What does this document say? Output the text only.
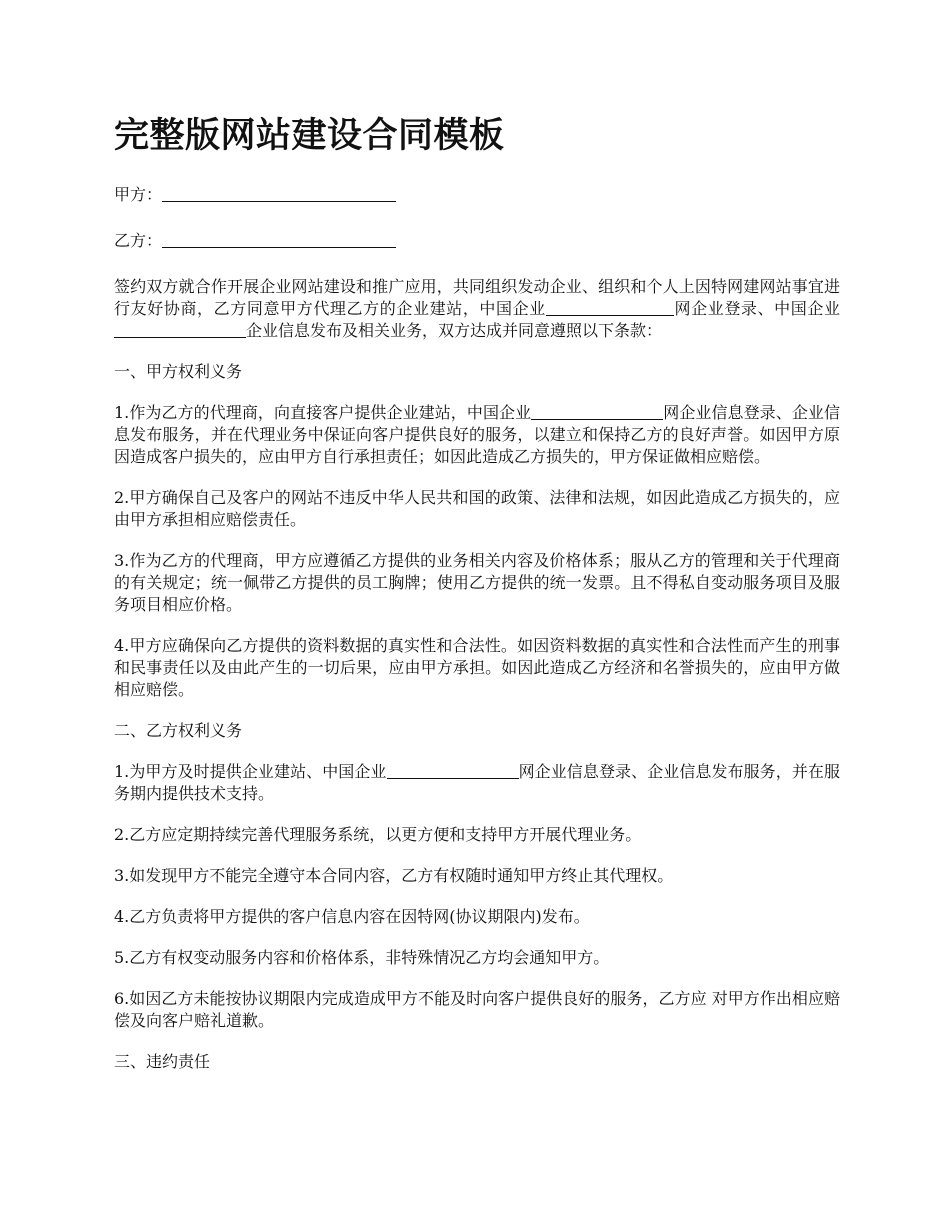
完整版网站建设合同模板

甲方：

乙方：

签约双方就合作开展企业网站建设和推广应用，共同组织发动企业、组织和个人上因特网建网站事宜进行友好协商，乙方同意甲方代理乙方的企业建站，中国企业	网企业登录、中国企业企业信息发布及相关业务，双方达成并同意遵照以下条款：

一、甲方权利义务

1.作为乙方的代理商，向直接客户提供企业建站，中国企业	网企业信息登录、企业信息发布服务，并在代理业务中保证向客户提供良好的服务，以建立和保持乙方的良好声誉。如因甲方原因造成客户损失的，应由甲方自行承担责任；如因此造成乙方损失的，甲方保证做相应赔偿。

2.甲方确保自己及客户的网站不违反中华人民共和国的政策、法律和法规，如因此造成乙方损失的，应由甲方承担相应赔偿责任。

3.作为乙方的代理商，甲方应遵循乙方提供的业务相关内容及价格体系；服从乙方的管理和关于代理商的有关规定；统一佩带乙方提供的员工胸牌；使用乙方提供的统一发票。且不得私自变动服务项目及服务项目相应价格。

4.甲方应确保向乙方提供的资料数据的真实性和合法性。如因资料数据的真实性和合法性而产生的刑事和民事责任以及由此产生的一切后果，应由甲方承担。如因此造成乙方经济和名誉损失的，应由甲方做相应赔偿。

二、乙方权利义务

1.为甲方及时提供企业建站、中国企业	网企业信息登录、企业信息发布服务，并在服务期内提供技术支持。

2.乙方应定期持续完善代理服务系统，以更方便和支持甲方开展代理业务。

3.如发现甲方不能完全遵守本合同内容，乙方有权随时通知甲方终止其代理权。

4.乙方负责将甲方提供的客户信息内容在因特网(协议期限内)发布。

5.乙方有权变动服务内容和价格体系，非特殊情况乙方均会通知甲方。

6.如因乙方未能按协议期限内完成造成甲方不能及时向客户提供良好的服务，乙方应 对甲方作出相应赔偿及向客户赔礼道歉。

三、违约责任
